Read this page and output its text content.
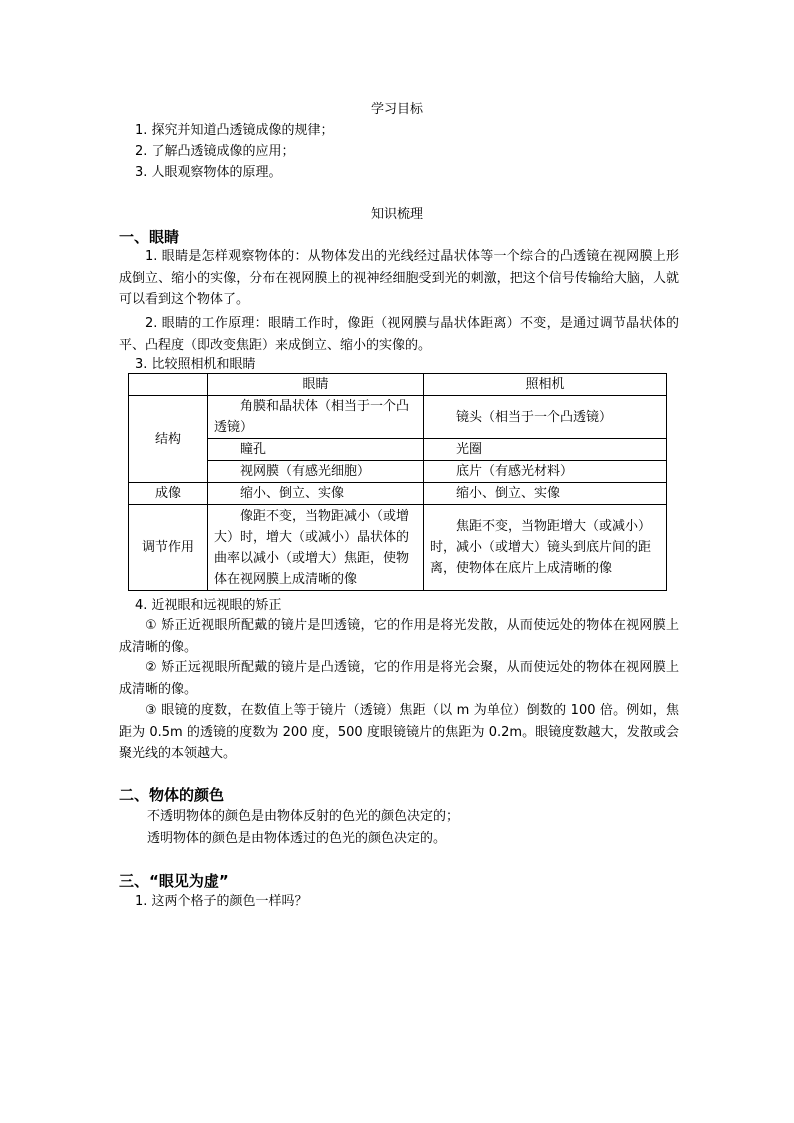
学习目标
1. 探究并知道凸透镜成像的规律；
2. 了解凸透镜成像的应用；
3. 人眼观察物体的原理。
知识梳理
一、眼睛
1. 眼睛是怎样观察物体的：从物体发出的光线经过晶状体等一个综合的凸透镜在视网膜上形成倒立、缩小的实像，分布在视网膜上的视神经细胞受到光的刺激，把这个信号传输给大脑，人就可以看到这个物体了。
2. 眼睛的工作原理：眼睛工作时，像距（视网膜与晶状体距离）不变，是通过调节晶状体的平、凸程度（即改变焦距）来成倒立、缩小的实像的。
3. 比较照相机和眼睛
	眼睛	照相机
结构	角膜和晶状体（相当于一个凸透镜）	镜头（相当于一个凸透镜）
	瞳孔	光圈
	视网膜（有感光细胞）	底片（有感光材料）
成像	缩小、倒立、实像	缩小、倒立、实像
调节作用	像距不变，当物距减小（或增大）时，增大（或减小）晶状体的曲率以减小（或增大）焦距，使物体在视网膜上成清晰的像	焦距不变，当物距增大（或减小）时，减小（或增大）镜头到底片间的距离，使物体在底片上成清晰的像
4. 近视眼和远视眼的矫正
① 矫正近视眼所配戴的镜片是凹透镜，它的作用是将光发散，从而使远处的物体在视网膜上成清晰的像。
② 矫正远视眼所配戴的镜片是凸透镜，它的作用是将光会聚，从而使远处的物体在视网膜上成清晰的像。
③ 眼镜的度数，在数值上等于镜片（透镜）焦距（以 m 为单位）倒数的 100 倍。例如，焦距为 0.5m 的透镜的度数为 200 度，500 度眼镜镜片的焦距为 0.2m。眼镜度数越大，发散或会聚光线的本领越大。
二、物体的颜色
不透明物体的颜色是由物体反射的色光的颜色决定的；
透明物体的颜色是由物体透过的色光的颜色决定的。
三、“眼见为虚”
1. 这两个格子的颜色一样吗？
